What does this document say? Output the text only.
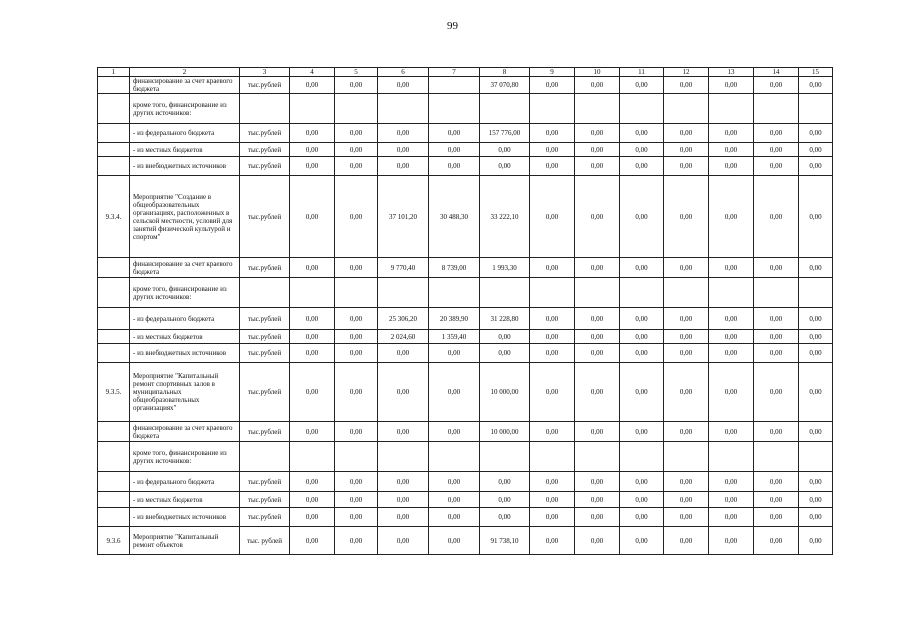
99
1	2	3	4	5	6	7	8	9	10	11	12	13	14	15
	финансирование за счет краевого бюджета	тыс.рублей	0,00	0,00	0,00		37 070,80	0,00	0,00	0,00	0,00	0,00	0,00	0,00
	кроме того, финансирование из других источников:													
	- из федерального бюджета	тыс.рублей	0,00	0,00	0,00	0,00	157 776,00	0,00	0,00	0,00	0,00	0,00	0,00	0,00
	- из местных бюджетов	тыс.рублей	0,00	0,00	0,00	0,00	0,00	0,00	0,00	0,00	0,00	0,00	0,00	0,00
	- из внебюджетных источников	тыс.рублей	0,00	0,00	0,00	0,00	0,00	0,00	0,00	0,00	0,00	0,00	0,00	0,00
9.3.4.	Мероприятие "Создание в общеобразовательных организациях, расположенных в сельской местности, условий для занятий физической культурой и спортом"	тыс.рублей	0,00	0,00	37 101,20	30 488,30	33 222,10	0,00	0,00	0,00	0,00	0,00	0,00	0,00
	финансирование за счет краевого бюджета	тыс.рублей	0,00	0,00	9 770,40	8 739,00	1 993,30	0,00	0,00	0,00	0,00	0,00	0,00	0,00
	кроме того, финансирование из других источников:													
	- из федерального бюджета	тыс.рублей	0,00	0,00	25 306,20	20 389,90	31 228,80	0,00	0,00	0,00	0,00	0,00	0,00	0,00
	- из местных бюджетов	тыс.рублей	0,00	0,00	2 024,60	1 359,40	0,00	0,00	0,00	0,00	0,00	0,00	0,00	0,00
	- из внебюджетных источников	тыс.рублей	0,00	0,00	0,00	0,00	0,00	0,00	0,00	0,00	0,00	0,00	0,00	0,00
9.3.5.	Мероприятие "Капитальный ремонт спортивных залов в муниципальных общеобразовательных организациях"	тыс.рублей	0,00	0,00	0,00	0,00	10 000,00	0,00	0,00	0,00	0,00	0,00	0,00	0,00
	финансирование за счет краевого бюджета	тыс.рублей	0,00	0,00	0,00	0,00	10 000,00	0,00	0,00	0,00	0,00	0,00	0,00	0,00
	кроме того, финансирование из других источников:													
	- из федерального бюджета	тыс.рублей	0,00	0,00	0,00	0,00	0,00	0,00	0,00	0,00	0,00	0,00	0,00	0,00
	- из местных бюджетов	тыс.рублей	0,00	0,00	0,00	0,00	0,00	0,00	0,00	0,00	0,00	0,00	0,00	0,00
	- из внебюджетных источников	тыс.рублей	0,00	0,00	0,00	0,00	0,00	0,00	0,00	0,00	0,00	0,00	0,00	0,00
9.3.6	Мероприятие "Капитальный ремонт объектов	тыс. рублей	0,00	0,00	0,00	0,00	91 738,10	0,00	0,00	0,00	0,00	0,00	0,00	0,00
